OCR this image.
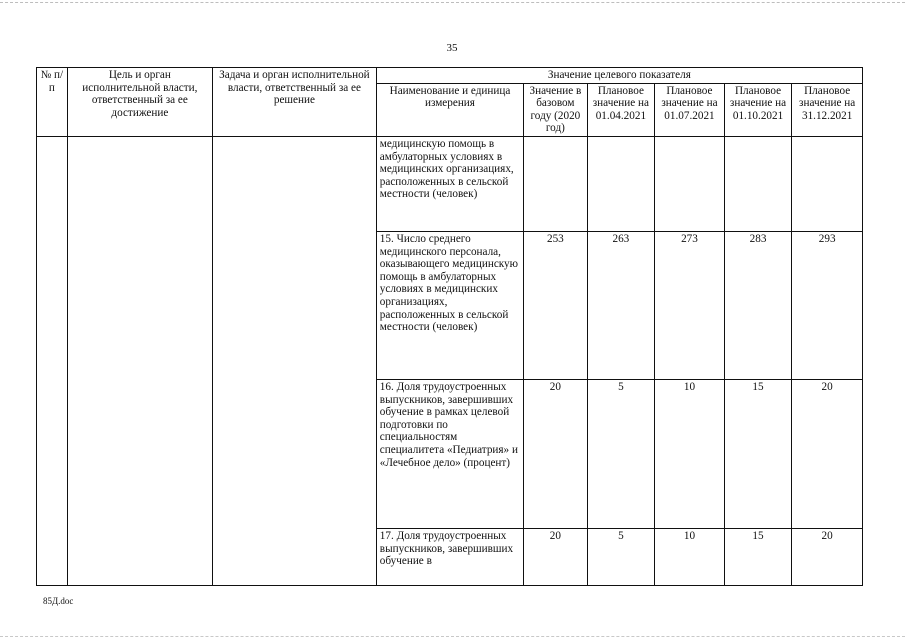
35
№ п/п	Цель и орган исполнительной власти, ответственный за ее достижение	Задача и орган исполнительной власти, ответственный за ее решение	Значение целевого показателя					
			Наименование и единица измерения	Значение в базовом году (2020 год)	Плановое значение на 01.04.2021	Плановое значение на 01.07.2021	Плановое значение на 01.10.2021	Плановое значение на 31.12.2021
			медицинскую помощь в амбулаторных условиях в медицинских организациях, расположенных в сельской местности (человек)					
			15. Число среднего медицинского персонала, оказывающего медицинскую помощь в амбулаторных условиях в медицинских организациях, расположенных в сельской местности (человек)	253	263	273	283	293
			16. Доля трудоустроенных выпускников, завершивших обучение в рамках целевой подготовки по специальностям специалитета «Педиатрия» и «Лечебное дело» (процент)	20	5	10	15	20
			17. Доля трудоустроенных выпускников, завершивших обучение в	20	5	10	15	20
85Д.doc
